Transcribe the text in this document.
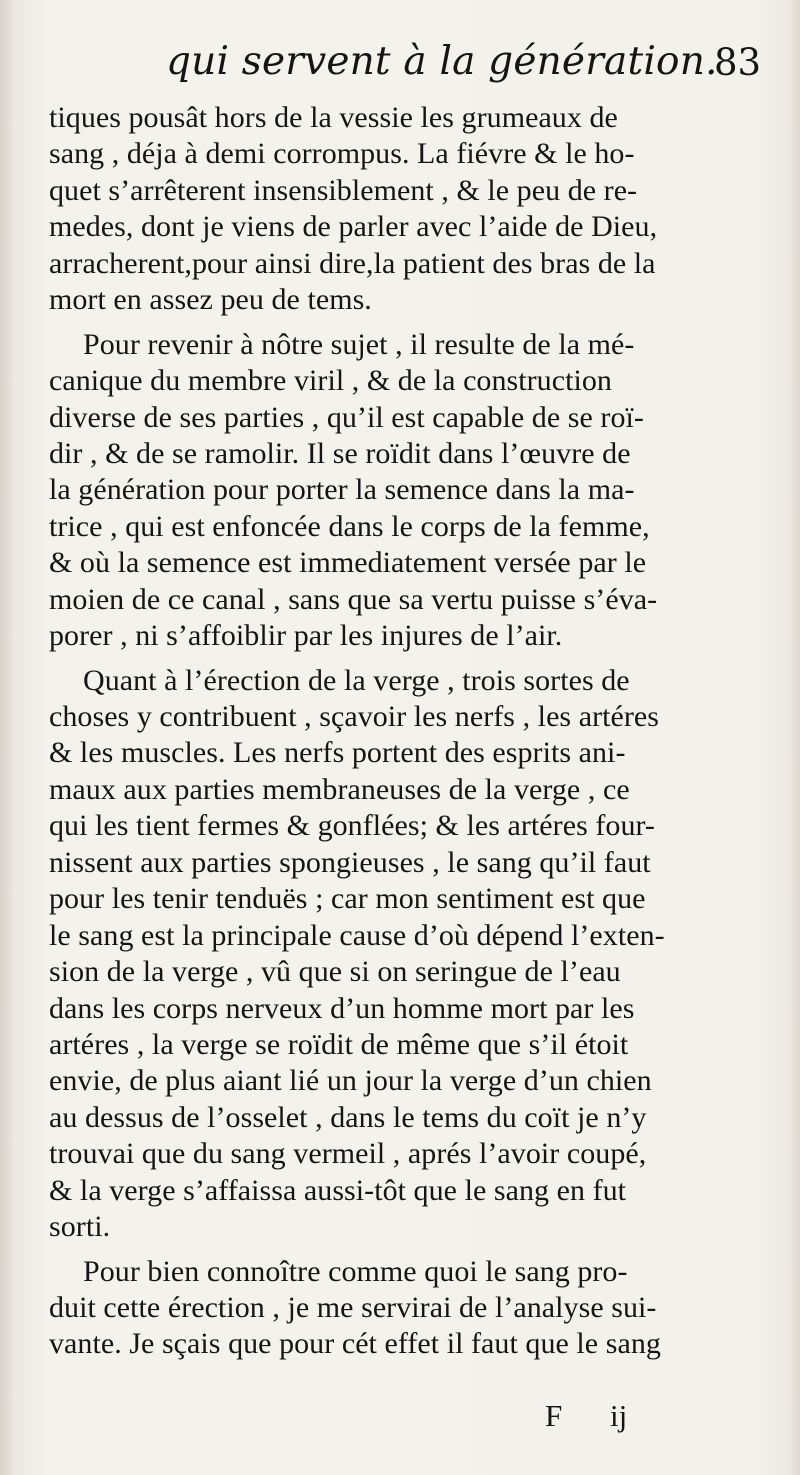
qui servent à la génération.
83
tiques pousât hors de la vessie les grumeaux de
sang , déja à demi corrompus. La fiévre & le ho-
quet s’arrêterent insensiblement , & le peu de re-
medes, dont je viens de parler avec l’aide de Dieu,
arracherent,pour ainsi dire,la patient des bras de la
mort en assez peu de tems.
Pour revenir à nôtre sujet , il resulte de la mé-
canique du membre viril , & de la construction
diverse de ses parties , qu’il est capable de se roï-
dir , & de se ramolir. Il se roïdit dans l’œuvre de
la génération pour porter la semence dans la ma-
trice , qui est enfoncée dans le corps de la femme,
& où la semence est immediatement versée par le
moien de ce canal , sans que sa vertu puisse s’éva-
porer , ni s’affoiblir par les injures de l’air.
Quant à l’érection de la verge , trois sortes de
choses y contribuent , sçavoir les nerfs , les artéres
& les muscles. Les nerfs portent des esprits ani-
maux aux parties membraneuses de la verge , ce
qui les tient fermes & gonflées; & les artéres four-
nissent aux parties spongieuses , le sang qu’il faut
pour les tenir tenduës ; car mon sentiment est que
le sang est la principale cause d’où dépend l’exten-
sion de la verge , vû que si on seringue de l’eau
dans les corps nerveux d’un homme mort par les
artéres , la verge se roïdit de même que s’il étoit
envie, de plus aiant lié un jour la verge d’un chien
au dessus de l’osselet , dans le tems du coït je n’y
trouvai que du sang vermeil , aprés l’avoir coupé,
& la verge s’affaissa aussi-tôt que le sang en fut
sorti.
Pour bien connoître comme quoi le sang pro-
duit cette érection , je me servirai de l’analyse sui-
vante. Je sçais que pour cét effet il faut que le sang
F ij
